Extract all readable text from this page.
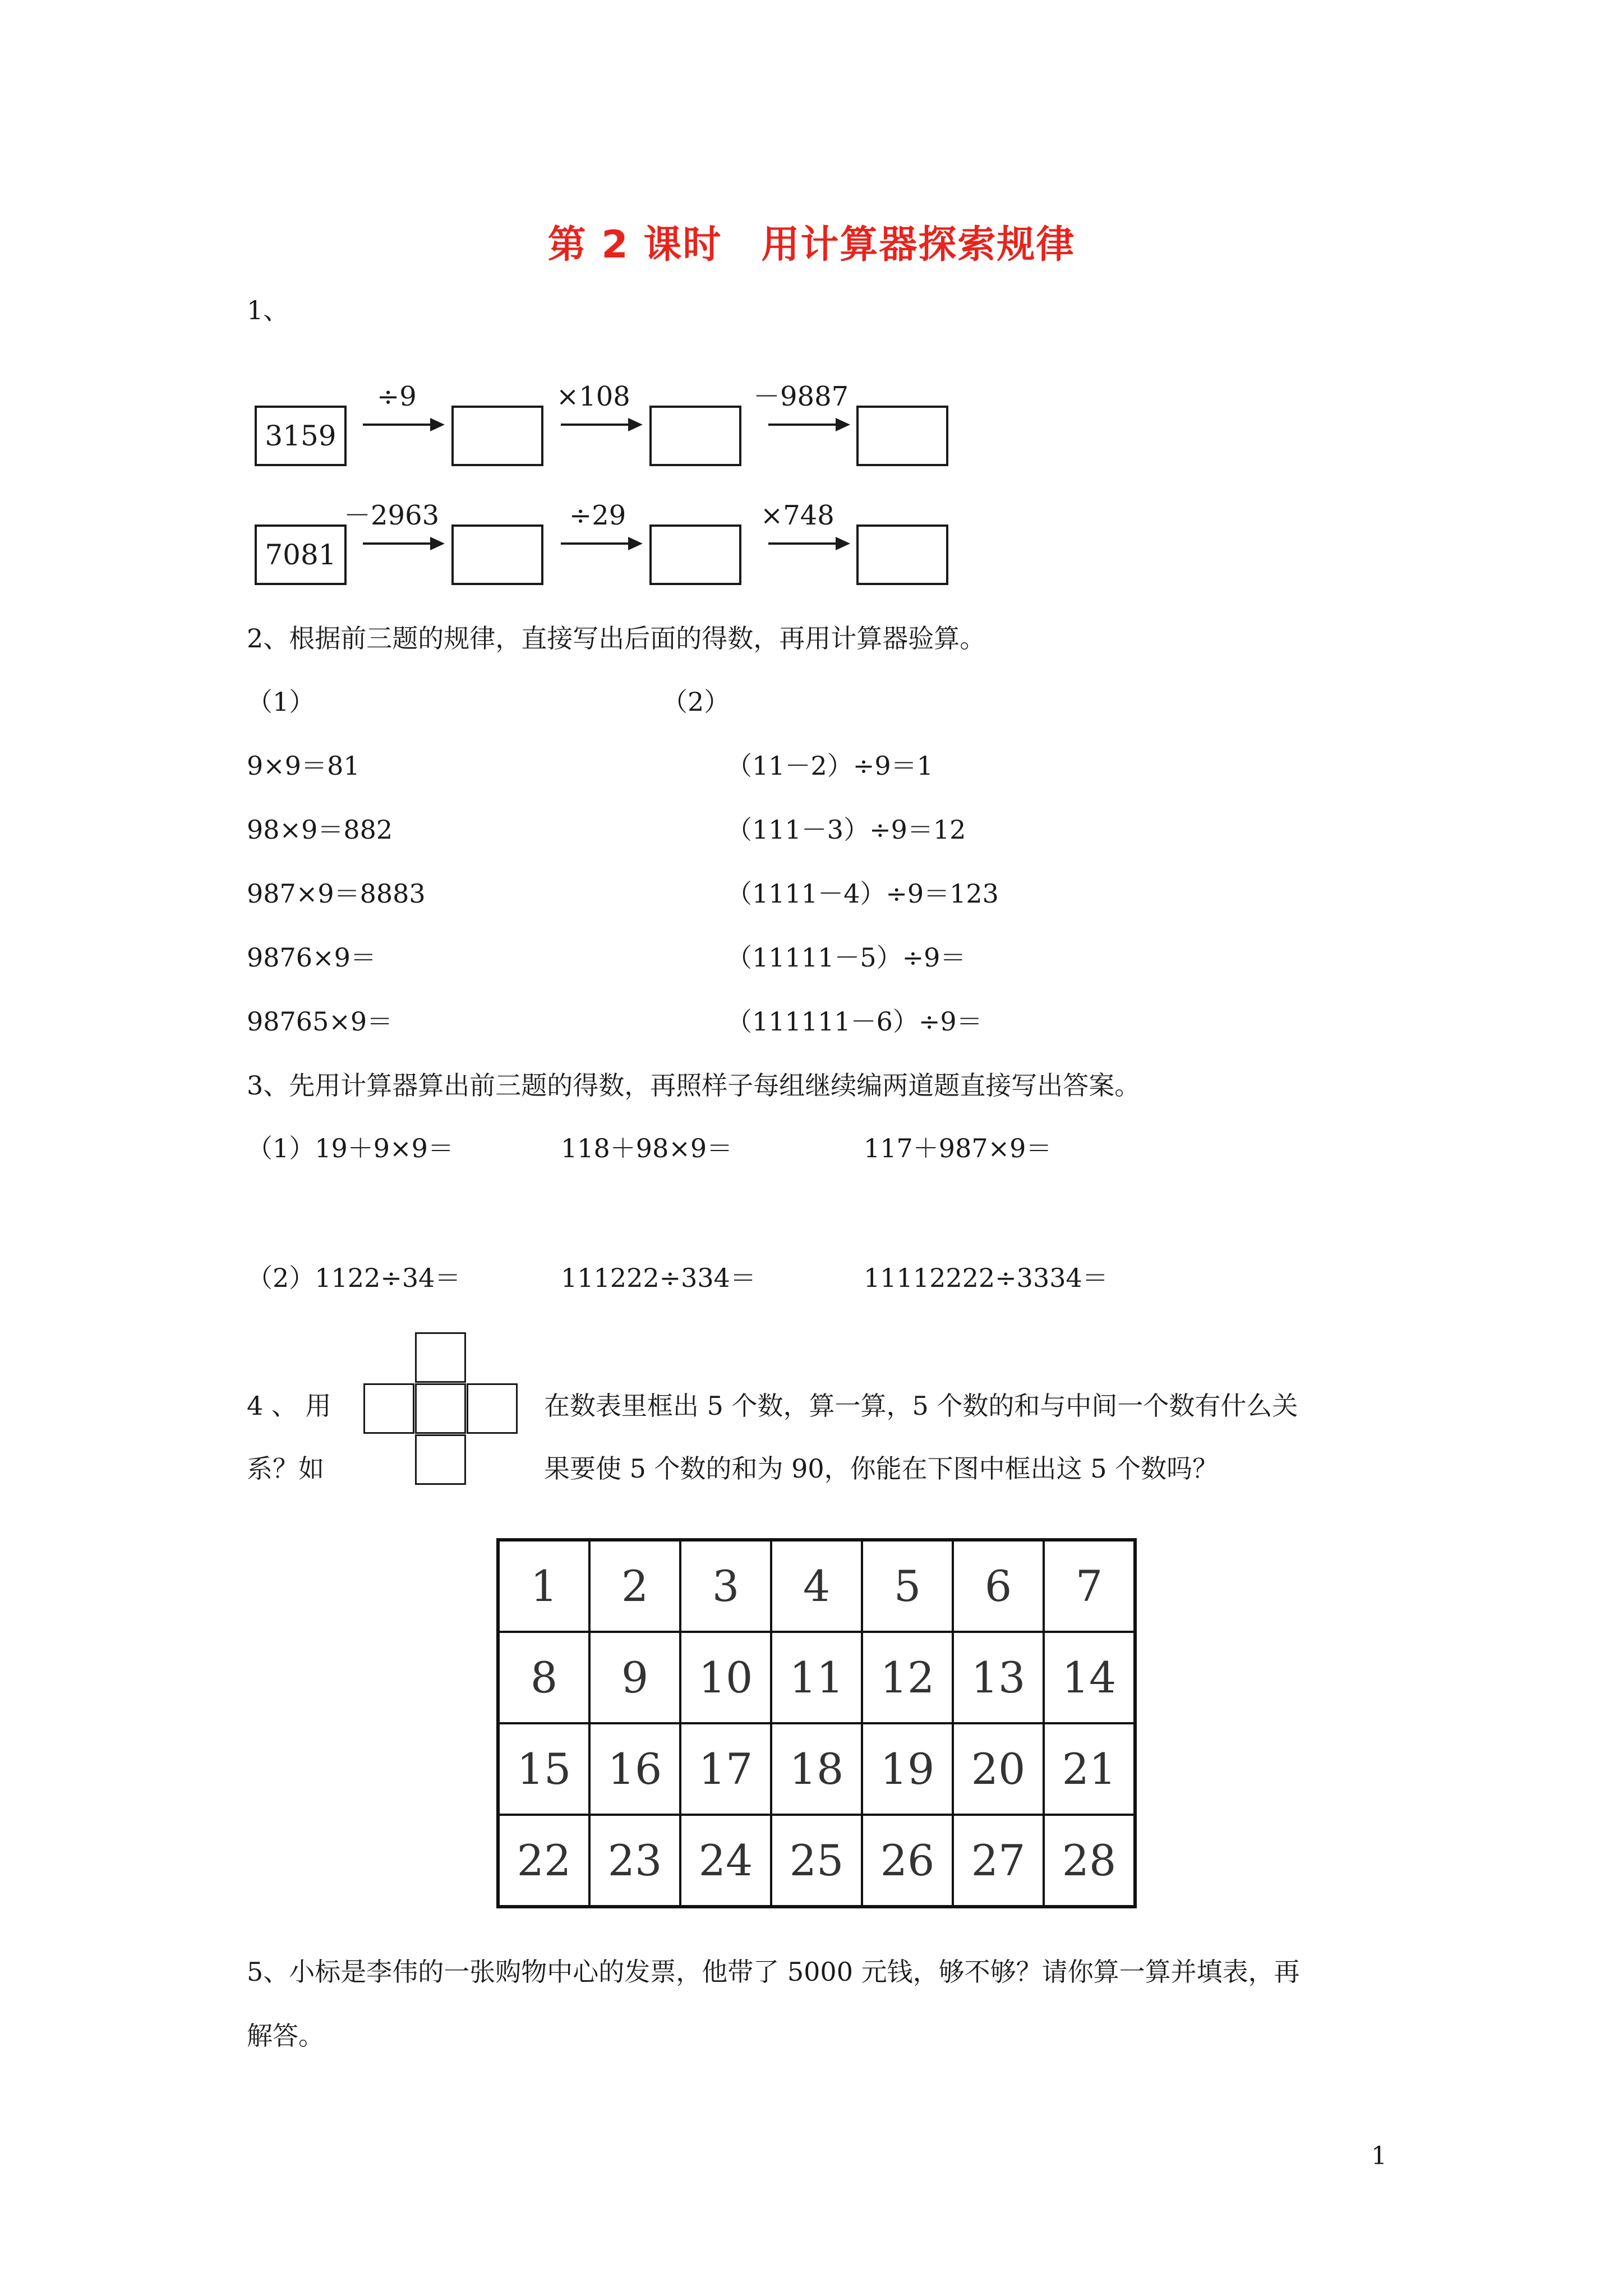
第 2 课时　用计算器探索规律
1、
3159
÷9	×108	－9887
7081
－2963	÷29	×748
2、根据前三题的规律，直接写出后面的得数，再用计算器验算。
（1）	（2）
9×9＝81
98×9＝882
987×9＝8883
9876×9＝
98765×9＝
（11－2）÷9＝1
（111－3）÷9＝12
（1111－4）÷9＝123
（11111－5）÷9＝
（111111－6）÷9＝
3、先用计算器算出前三题的得数，再照样子每组继续编两道题直接写出答案。
（1）19＋9×9＝	118＋98×9＝	117＋987×9＝
（2）1122÷34＝	111222÷334＝	11112222÷3334＝
4 、 用
系？如
在数表里框出 5 个数，算一算，5 个数的和与中间一个数有什么关
果要使 5 个数的和为 90，你能在下图中框出这 5 个数吗？
1	2	3	4	5	6	7
8	9	10	11	12	13	14
15	16	17	18	19	20	21
22	23	24	25	26	27	28
5、小标是李伟的一张购物中心的发票，他带了 5000 元钱，够不够？请你算一算并填表，再
解答。
1
